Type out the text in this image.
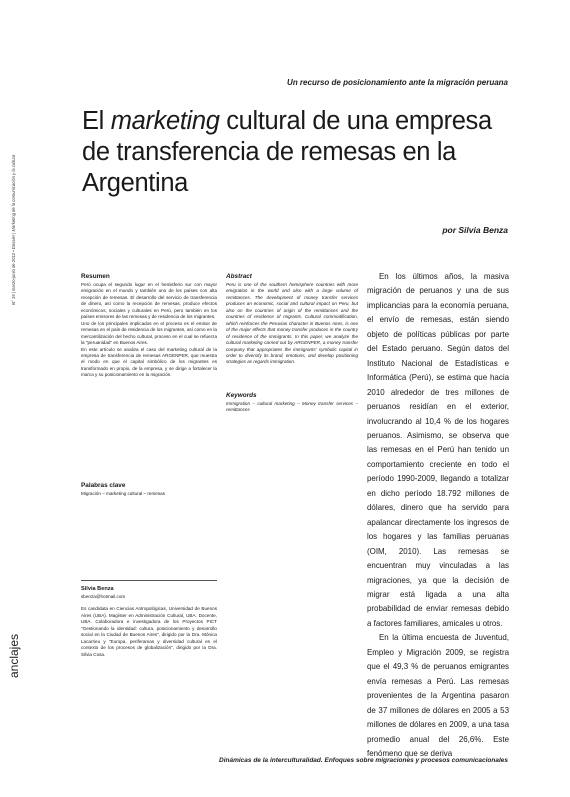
N° 19 | marzo-junio de 2012 • Dossier | Marketing de la comunicación y la cultura
anclajes
Un recurso de posicionamiento ante la migración peruana
El marketing cultural de una empresa de transferencia de remesas en la Argentina
por Silvia Benza
Resumen

Perú ocupa el segundo lugar en el hemisferio sur con mayor emigración en el mundo y también uno de los países con alta recepción de remesas. El desarrollo del servicio de transferencia de dinero, así como la recepción de remesas, produce efectos económicos, sociales y culturales en Perú, pero también en los países emisores de las remesas y de residencia de los migrantes.

Uno de los principales implicados en el proceso es el emisor de remesas en el país de residencia de los migrantes, así como en la mercantilización del hecho cultural, proceso en el cual se refuerza la "peruanidad" en Buenos Aires.

En este artículo se analiza el caso del marketing cultural de la empresa de transferencia de remesas ARGENPER, que muestra el modo en que el capital simbólico de los migrantes es transformado en propio, de la empresa, y se dirige a fortalecer la marca y su posicionamiento en la migración.

Palabras clave
Migración – marketing cultural – remesas
Abstract

Peru is one of the southern hemisphere countries with more emigration in the world and also with a large volume of remittances. The development of money transfer services produces an economic, social and cultural impact on Peru, but also on the countries of origin of the remittances and the countries of residence of migrants. Cultural commodification, which reinforces the Peruvian character in Buenos Aires, is one of the major effects that money transfer produces in the country of residence of the immigrants. In this paper, we analyze the cultural marketing carried out by ARGENPER, a money transfer company that appropriates the immigrants' symbolic capital in order to diversify its brand, emotions, and develop positioning strategies as regards immigration.

Keywords
Immigration – cultural marketing – Money transfer services – remittances
Silvia Benza
sbenza@hotmail.com
Es candidata en Ciencias Antropológicas, Universidad de Buenos Aires (UBA). Magíster en Administración Cultural, UBA. Docente, UBA. Colaboradora e investigadora de los Proyectos PICT "Gestionando la identidad: cultura, posicionamiento y desarrollo social en la Ciudad de Buenos Aires", dirigido por la Dra. Mónica Lacarrieu y "Europa, periferamas y diversidad cultural en el contexto de los procesos de globalización", dirigido por la Dra. Silvia Cosa.

En los últimos años, la masiva migración de peruanos y una de sus implicancias para la economía peruana, el envío de remesas, están siendo objeto de políticas públicas por parte del Estado peruano. Según datos del Instituto Nacional de Estadísticas e Informática (Perú), se estima que hacia 2010 alrededor de tres millones de peruanos residían en el exterior, involucrando al 10,4 % de los hogares peruanos. Asimismo, se observa que las remesas en el Perú han tenido un comportamiento creciente en todo el período 1990-2009, llegando a totalizar en dicho período 18.792 millones de dólares, dinero que ha servido para apalancar directamente los ingresos de los hogares y las familias peruanas (OIM, 2010). Las remesas se encuentran muy vinculadas a las migraciones, ya que la decisión de migrar está ligada a una alta probabilidad de enviar remesas debido a factores familiares, amicales u otros.

En la última encuesta de Juventud, Empleo y Migración 2009, se registra que el 49,3 % de peruanos emigrantes envía remesas a Perú. Las remesas provenientes de la Argentina pasaron de 37 millones de dólares en 2005 a 53 millones de dólares en 2009, a una tasa promedio anual del 26,6%. Este fenómeno que se deriva

Dinámicas de la interculturalidad. Enfoques sobre migraciones y procesos comunicacionales
